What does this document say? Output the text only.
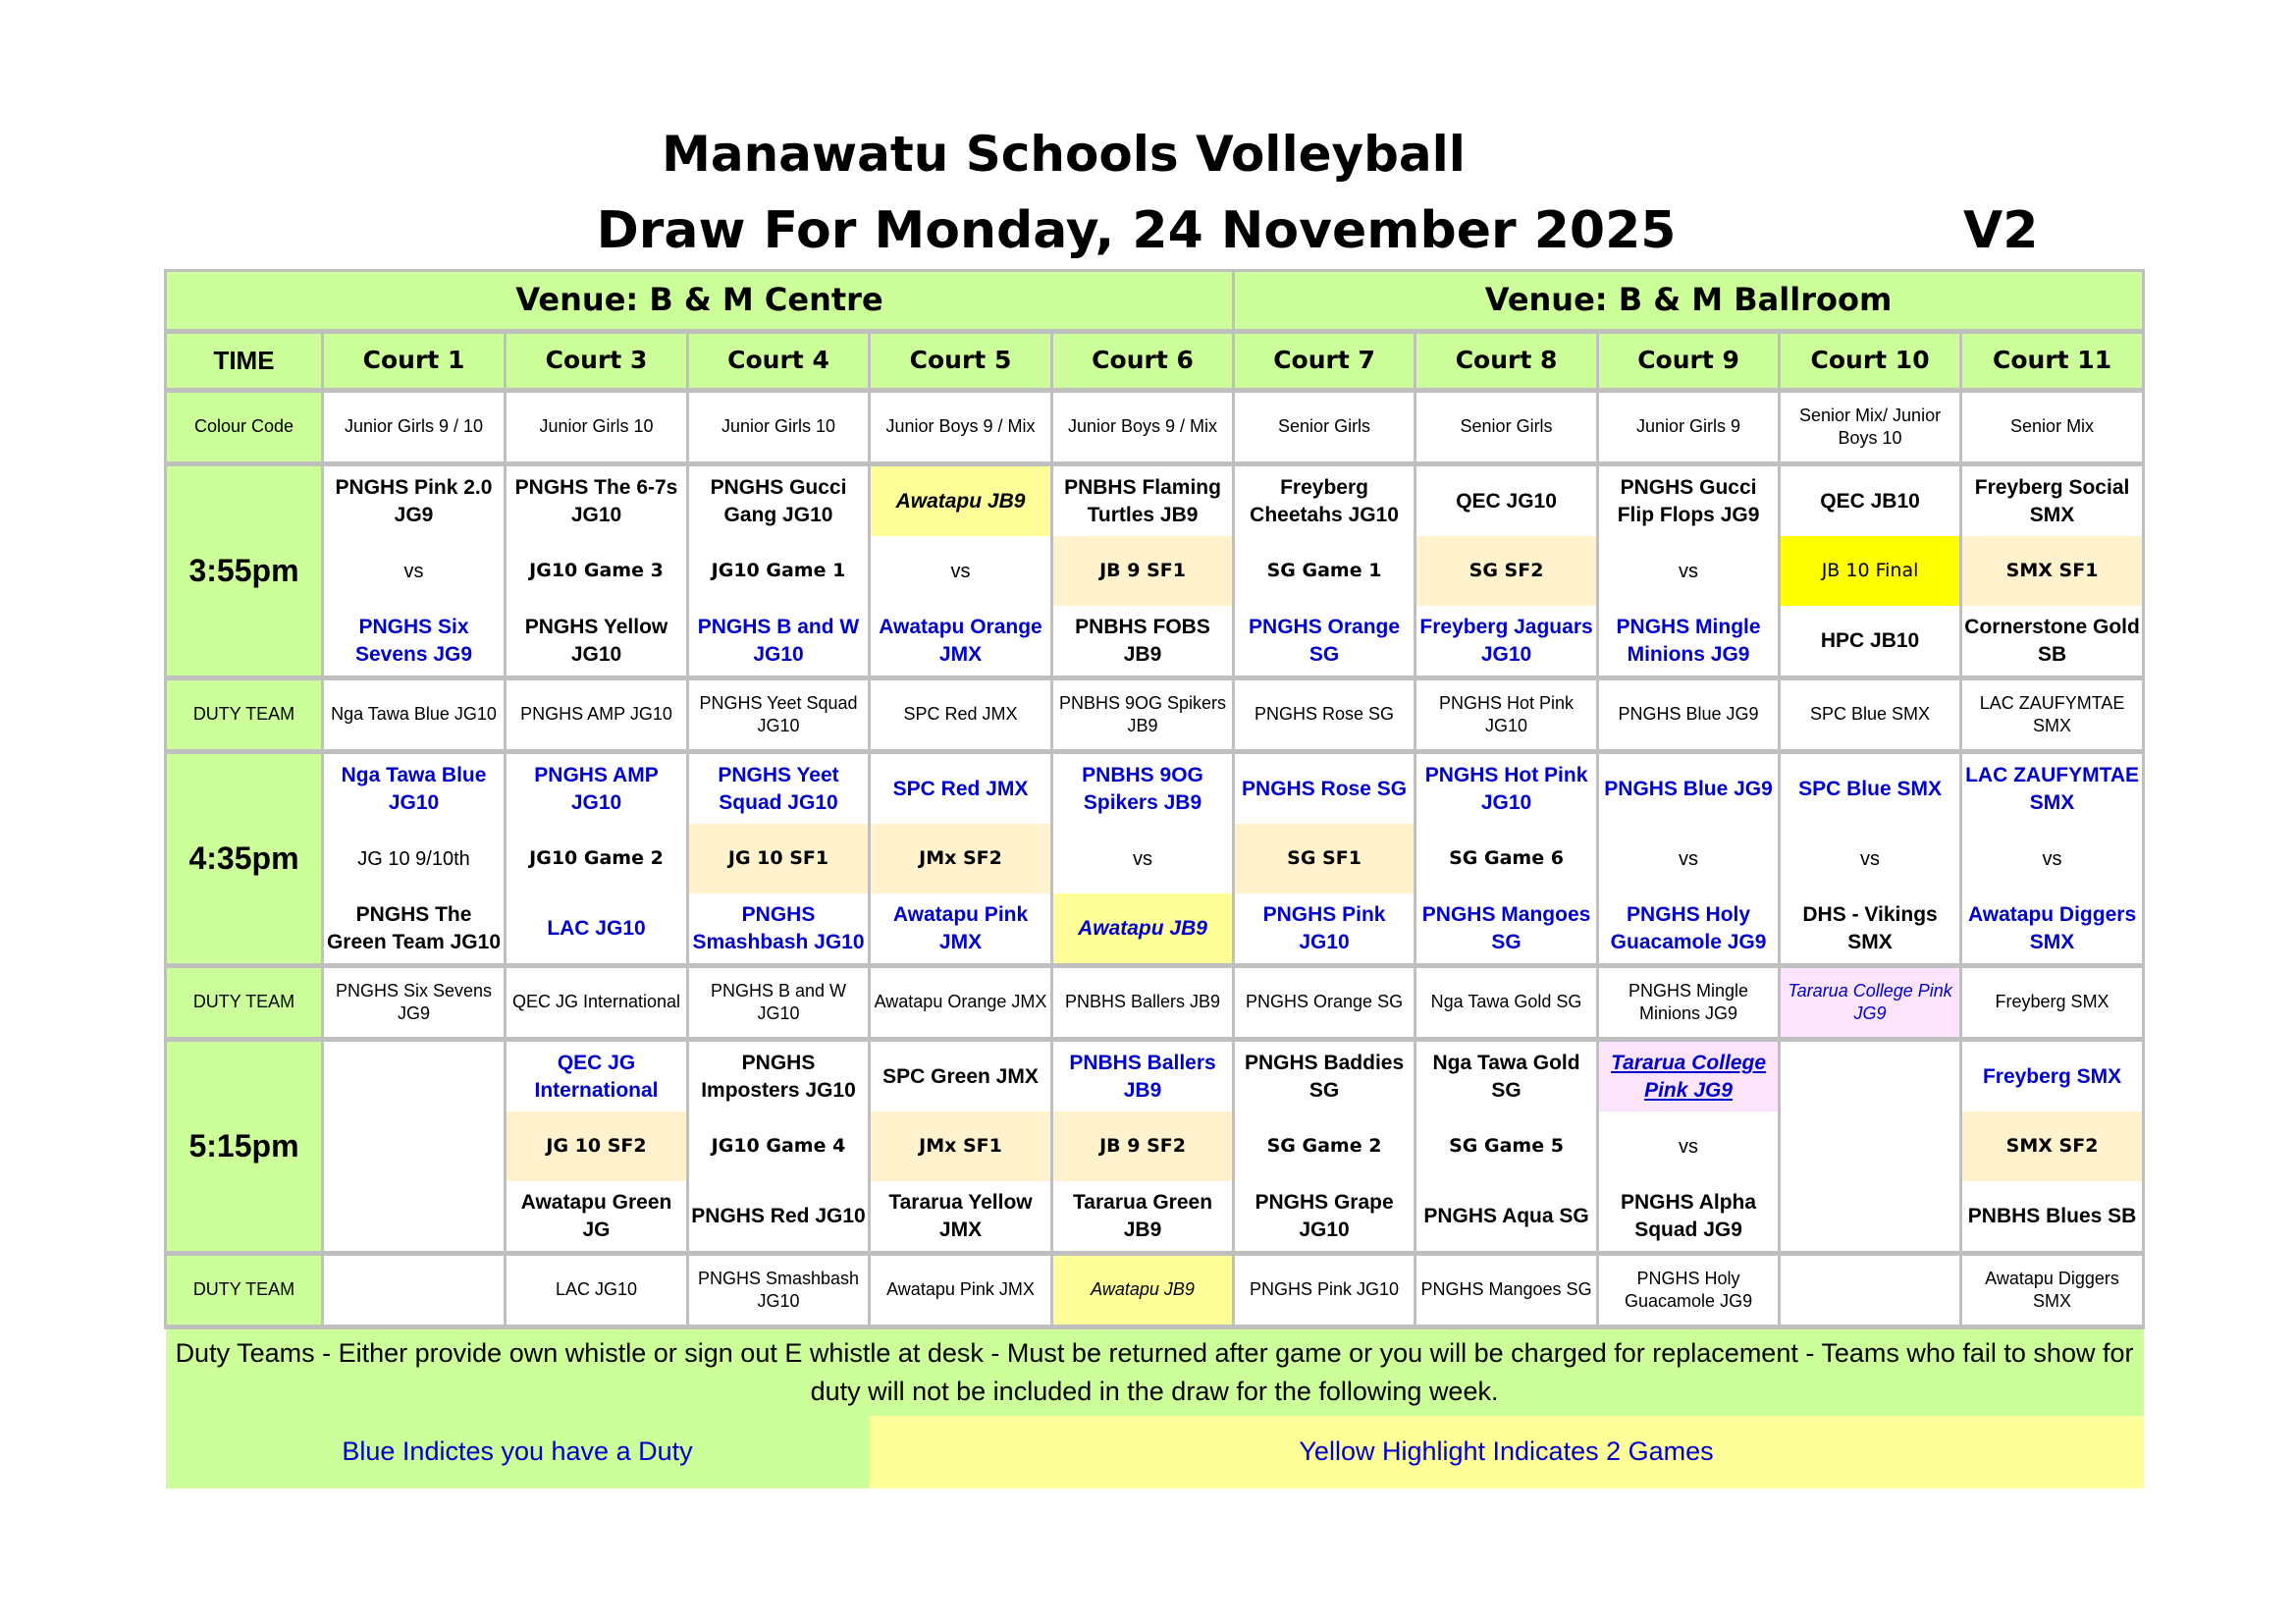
Manawatu Schools Volleyball
Draw For Monday, 24 November 2025	V2
Venue: B & M Centre						Venue: B & M Ballroom				
TIME	Court 1	Court 3	Court 4	Court 5	Court 6	Court 7	Court 8	Court 9	Court 10	Court 11
Colour Code	Junior Girls 9 / 10	Junior Girls 10	Junior Girls 10	Junior Boys 9 / Mix	Junior Boys 9 / Mix	Senior Girls	Senior Girls	Junior Girls 9	Senior Mix/ Junior Boys 10	Senior Mix
3:55pm	PNGHS Pink 2.0 JG9	PNGHS The 6-7s JG10	PNGHS Gucci Gang JG10	Awatapu JB9	PNBHS Flaming Turtles JB9	Freyberg Cheetahs JG10	QEC JG10	PNGHS Gucci Flip Flops JG9	QEC JB10	Freyberg Social SMX
	vs	JG10 Game 3	JG10 Game 1	vs	JB 9 SF1	SG Game 1	SG SF2	vs	JB 10 Final	SMX SF1
	PNGHS Six Sevens JG9	PNGHS Yellow JG10	PNGHS B and W JG10	Awatapu Orange JMX	PNBHS FOBS JB9	PNGHS Orange SG	Freyberg Jaguars JG10	PNGHS Mingle Minions JG9	HPC JB10	Cornerstone Gold SB
DUTY TEAM	Nga Tawa Blue JG10	PNGHS AMP JG10	PNGHS Yeet Squad JG10	SPC Red JMX	PNBHS 9OG Spikers JB9	PNGHS Rose SG	PNGHS Hot Pink JG10	PNGHS Blue JG9	SPC Blue SMX	LAC ZAUFYMTAE SMX
4:35pm	Nga Tawa Blue JG10	PNGHS AMP JG10	PNGHS Yeet Squad JG10	SPC Red JMX	PNBHS 9OG Spikers JB9	PNGHS Rose SG	PNGHS Hot Pink JG10	PNGHS Blue JG9	SPC Blue SMX	LAC ZAUFYMTAE SMX
	JG 10 9/10th	JG10 Game 2	JG 10 SF1	JMx SF2	vs	SG SF1	SG Game 6	vs	vs	vs
	PNGHS The Green Team JG10	LAC JG10	PNGHS Smashbash JG10	Awatapu Pink JMX	Awatapu JB9	PNGHS Pink JG10	PNGHS Mangoes SG	PNGHS Holy Guacamole JG9	DHS - Vikings SMX	Awatapu Diggers SMX
DUTY TEAM	PNGHS Six Sevens JG9	QEC JG International	PNGHS B and W JG10	Awatapu Orange JMX	PNBHS Ballers JB9	PNGHS Orange SG	Nga Tawa Gold SG	PNGHS Mingle Minions JG9	Tararua College Pink JG9	Freyberg SMX
5:15pm		QEC JG International	PNGHS Imposters JG10	SPC Green JMX	PNBHS Ballers JB9	PNGHS Baddies SG	Nga Tawa Gold SG	Tararua College Pink JG9		Freyberg SMX
		JG 10 SF2	JG10 Game 4	JMx SF1	JB 9 SF2	SG Game 2	SG Game 5	vs		SMX SF2
		Awatapu Green JG	PNGHS Red JG10	Tararua Yellow JMX	Tararua Green JB9	PNGHS Grape JG10	PNGHS Aqua SG	PNGHS Alpha Squad JG9		PNBHS Blues SB
DUTY TEAM		LAC JG10	PNGHS Smashbash JG10	Awatapu Pink JMX	Awatapu JB9	PNGHS Pink JG10	PNGHS Mangoes SG	PNGHS Holy Guacamole JG9		Awatapu Diggers SMX
Duty Teams - Either provide own whistle or sign out E whistle at desk - Must be returned after game or you will be charged for replacement - Teams who fail to show for duty will not be included in the draw for the following week.										
Blue Indictes you have a Duty				Yellow Highlight Indicates 2 Games						
